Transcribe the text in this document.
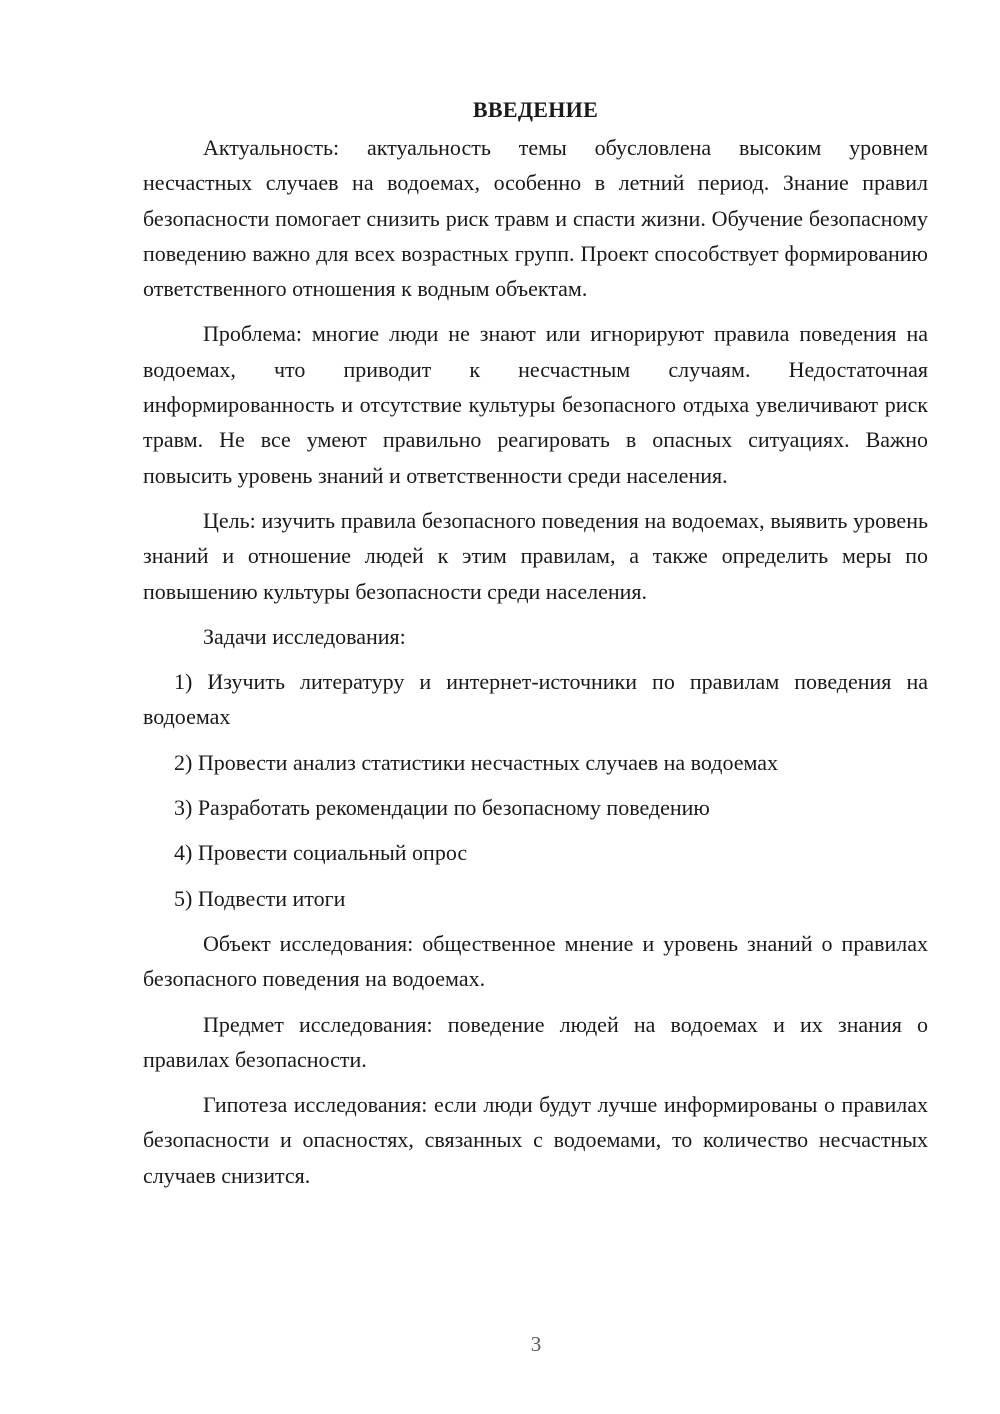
ВВЕДЕНИЕ

Актуальность: актуальность темы обусловлена высоким уровнем несчастных случаев на водоемах, особенно в летний период. Знание правил безопасности помогает снизить риск травм и спасти жизни. Обучение безопасному поведению важно для всех возрастных групп. Проект способствует формированию ответственного отношения к водным объектам.

Проблема: многие люди не знают или игнорируют правила поведения на водоемах, что приводит к несчастным случаям. Недостаточная информированность и отсутствие культуры безопасного отдыха увеличивают риск травм. Не все умеют правильно реагировать в опасных ситуациях. Важно повысить уровень знаний и ответственности среди населения.

Цель: изучить правила безопасного поведения на водоемах, выявить уровень знаний и отношение людей к этим правилам, а также определить меры по повышению культуры безопасности среди населения.

Задачи исследования:

1) Изучить литературу и интернет-источники по правилам поведения на водоемах

2) Провести анализ статистики несчастных случаев на водоемах

3) Разработать рекомендации по безопасному поведению

4) Провести социальный опрос

5) Подвести итоги

Объект исследования: общественное мнение и уровень знаний о правилах безопасного поведения на водоемах.

Предмет исследования: поведение людей на водоемах и их знания о правилах безопасности.

Гипотеза исследования: если люди будут лучше информированы о правилах безопасности и опасностях, связанных с водоемами, то количество несчастных случаев снизится.

3
